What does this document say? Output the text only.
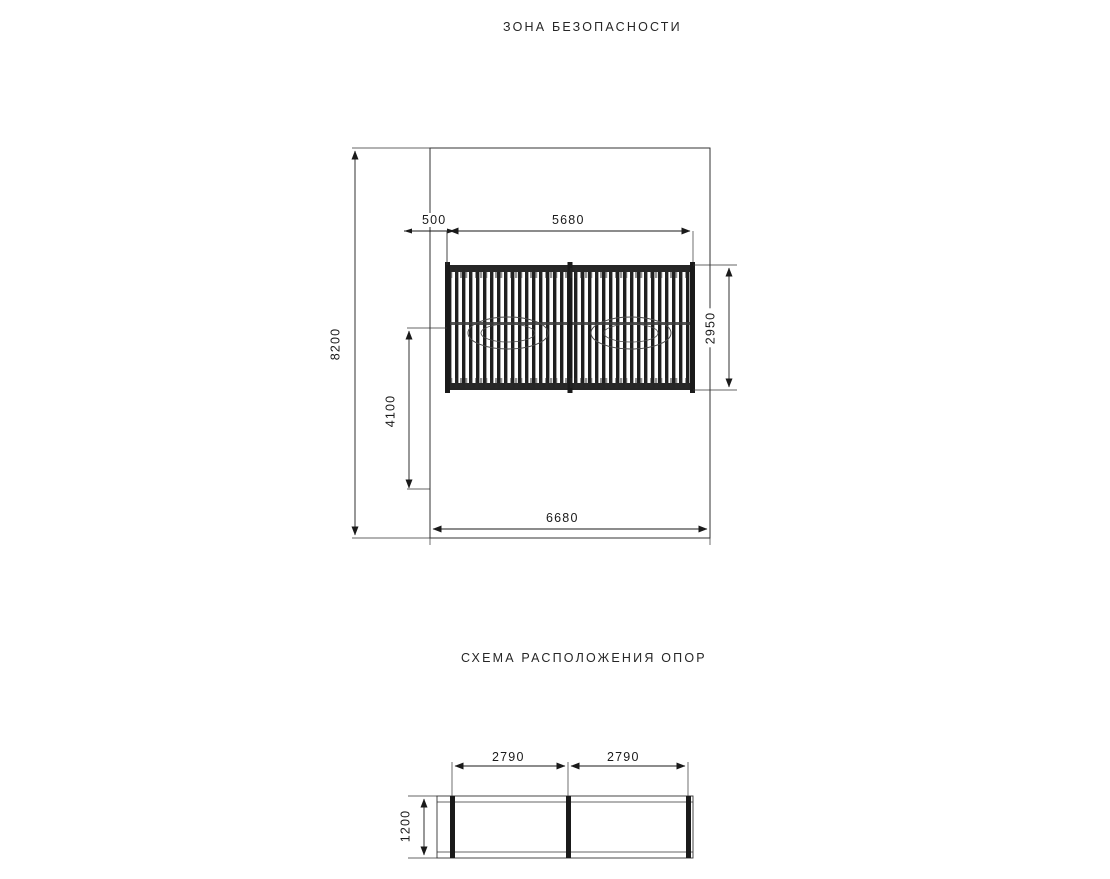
ЗОНА БЕЗОПАСНОСТИ
СХЕМА РАСПОЛОЖЕНИЯ ОПОР
500	5680
8200
4100
2950
6680
2790	2790
1200
